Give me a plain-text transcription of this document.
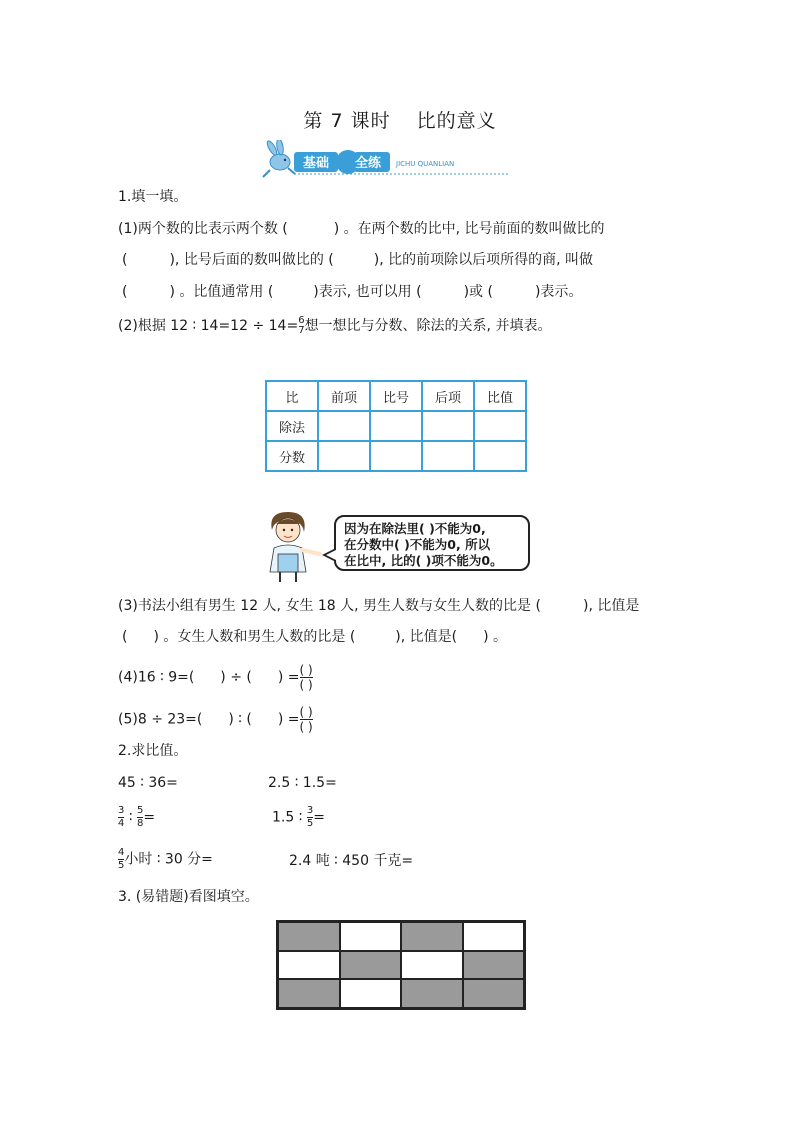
第 7 课时 比的意义
基础 全练 JICHU QUANLIAN
1.填一填。
(1)两个数的比表示两个数 (	) 。在两个数的比中, 比号前面的数叫做比的
(	), 比号后面的数叫做比的 (	), 比的前项除以后项所得的商, 叫做
(	) 。比值通常用 (	)表示, 也可以用 (	)或 (	)表示。
(2)根据 12 ∶ 14=12 ÷ 14= 6
7 想一想比与分数、除法的关系, 并填表。
比	前项	比号	后项	比值
除法				
分数				
因为在除法里( )不能为0,
在分数中( )不能为0, 所以
在比中, 比的( )项不能为0。
(3)书法小组有男生 12 人, 女生 18 人, 男生人数与女生人数的比是 (	), 比值是
( ) 。女生人数和男生人数的比是 (	), 比值是( ) 。
(4)16 ∶ 9=( ) ÷ ( ) = $\frac{( )}{( )}$
(5)8 ÷ 23=( ) ∶ ( ) = $\frac{( )}{( )}$
2.求比值。
45 ∶ 36=	2.5 ∶ 1.5=
$\frac{3}{4}$ ∶ $\frac{5}{8}$ =	1.5 ∶ $\frac{3}{5}$ =
$\frac{4}{5}$ 小时 ∶ 30 分=	2.4 吨 ∶ 450 千克=
3. (易错题)看图填空。
